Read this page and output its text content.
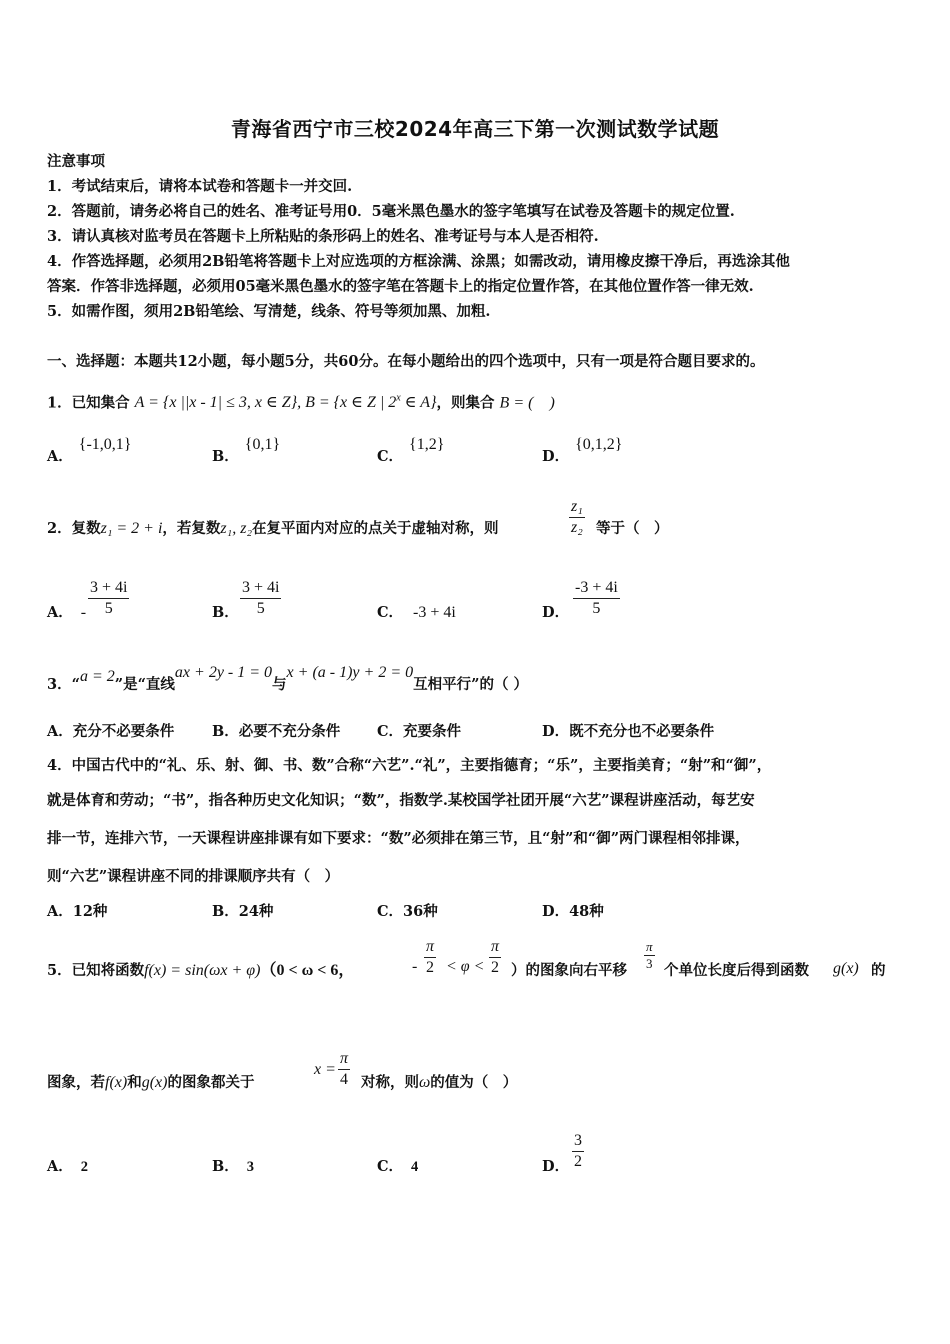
青海省西宁市三校2024年高三下第一次测试数学试题
注意事项
1．考试结束后，请将本试卷和答题卡一并交回.
2．答题前，请务必将自己的姓名、准考证号用0．5毫米黑色墨水的签字笔填写在试卷及答题卡的规定位置.
3．请认真核对监考员在答题卡上所粘贴的条形码上的姓名、准考证号与本人是否相符.
4．作答选择题，必须用2B铅笔将答题卡上对应选项的方框涂满、涂黑；如需改动，请用橡皮擦干净后，再选涂其他
答案．作答非选择题，必须用05毫米黑色墨水的签字笔在答题卡上的指定位置作答，在其他位置作答一律无效.
5．如需作图，须用2B铅笔绘、写清楚，线条、符号等须加黑、加粗.
一、选择题：本题共12小题，每小题5分，共60分。在每小题给出的四个选项中，只有一项是符合题目要求的。
1．已知集合 A = {x ||x - 1| ≤ 3, x ∈ Z}, B = {x ∈ Z | 2$^x$ ∈ A}，则集合 B = (　)
A．{-1,0,1}
B．{0,1}
C．{1,2}
D．{0,1,2}
2．复数z₁ = 2 + i，若复数z₁, z₂在复平面内对应的点关于虚轴对称，则	$\frac{\text{z₁}}{\text{z₂}}$ 等于（　）
A． - $\frac{3 + 4i}{5}$	B． $\frac{3 + 4i}{5}$	C． -3 + 4i	D． $\frac{-3 + 4i}{5}$
3．“a = 2”是“直线ax + 2y - 1 = 0与x + (a - 1)y + 2 = 0互相平行”的（ ）
A．充分不必要条件	B．必要不充分条件	C．充要条件	D．既不充分也不必要条件
4．中国古代中的“礼、乐、射、御、书、数”合称“六艺”.“礼”，主要指德育；“乐”，主要指美育；“射”和“御”，
就是体育和劳动；“书”，指各种历史文化知识；“数”，指数学.某校国学社团开展“六艺”课程讲座活动，每艺安
排一节，连排六节，一天课程讲座排课有如下要求：“数”必须排在第三节，且“射”和“御”两门课程相邻排课，
则“六艺”课程讲座不同的排课顺序共有（　）
A．12种	B．24种	C．36种	D．48种
5．已知将函数f(x) = sin(ωx + φ)（0 < ω < 6，	- $\frac{\pi}{2} < \varphi < \frac{\pi}{2}$ ）的图象向右平移 $\frac{\pi}{3}$ 个单位长度后得到函数 g(x) 的
图象，若f(x)和g(x)的图象都关于
$x = \frac{\pi}{4}$ 对称，则ω的值为（　）
A． 2	B． 3	C． 4	D． $\frac{3}{2}$
